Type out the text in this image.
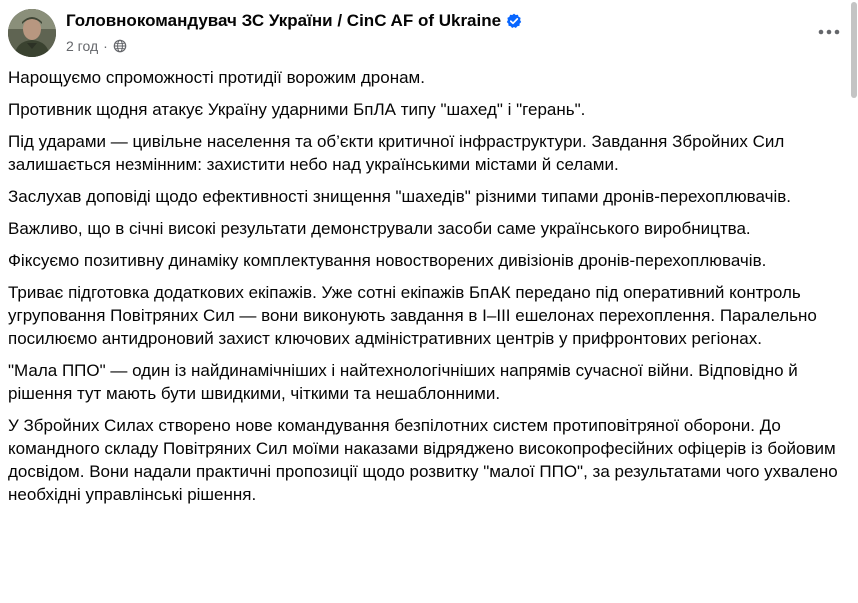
Головнокомандувач ЗС України / CinC AF of Ukraine
2 год ·

Нарощуємо спроможності протидії ворожим дронам.

Противник щодня атакує Україну ударними БпЛА типу "шахед" і "герань".

Під ударами — цивільне населення та об’єкти критичної інфраструктури. Завдання Збройних Сил залишається незмінним: захистити небо над українськими містами й селами.

Заслухав доповіді щодо ефективності знищення "шахедів" різними типами дронів-перехоплювачів.

Важливо, що в січні високі результати демонстрували засоби саме українського виробництва.

Фіксуємо позитивну динаміку комплектування новостворених дивізіонів дронів-перехоплювачів.

Триває підготовка додаткових екіпажів. Уже сотні екіпажів БпАК передано під оперативний контроль угруповання Повітряних Сил — вони виконують завдання в І–ІІІ ешелонах перехоплення. Паралельно посилюємо антидроновий захист ключових адміністративних центрів у прифронтових регіонах.

"Мала ППО" — один із найдинамічніших і найтехнологічніших напрямів сучасної війни. Відповідно й рішення тут мають бути швидкими, чіткими та нешаблонними.

У Збройних Силах створено нове командування безпілотних систем протиповітряної оборони. До командного складу Повітряних Сил моїми наказами відряджено високопрофесійних офіцерів із бойовим досвідом. Вони надали практичні пропозиції щодо розвитку "малої ППО", за результатами чого ухвалено необхідні управлінські рішення.
